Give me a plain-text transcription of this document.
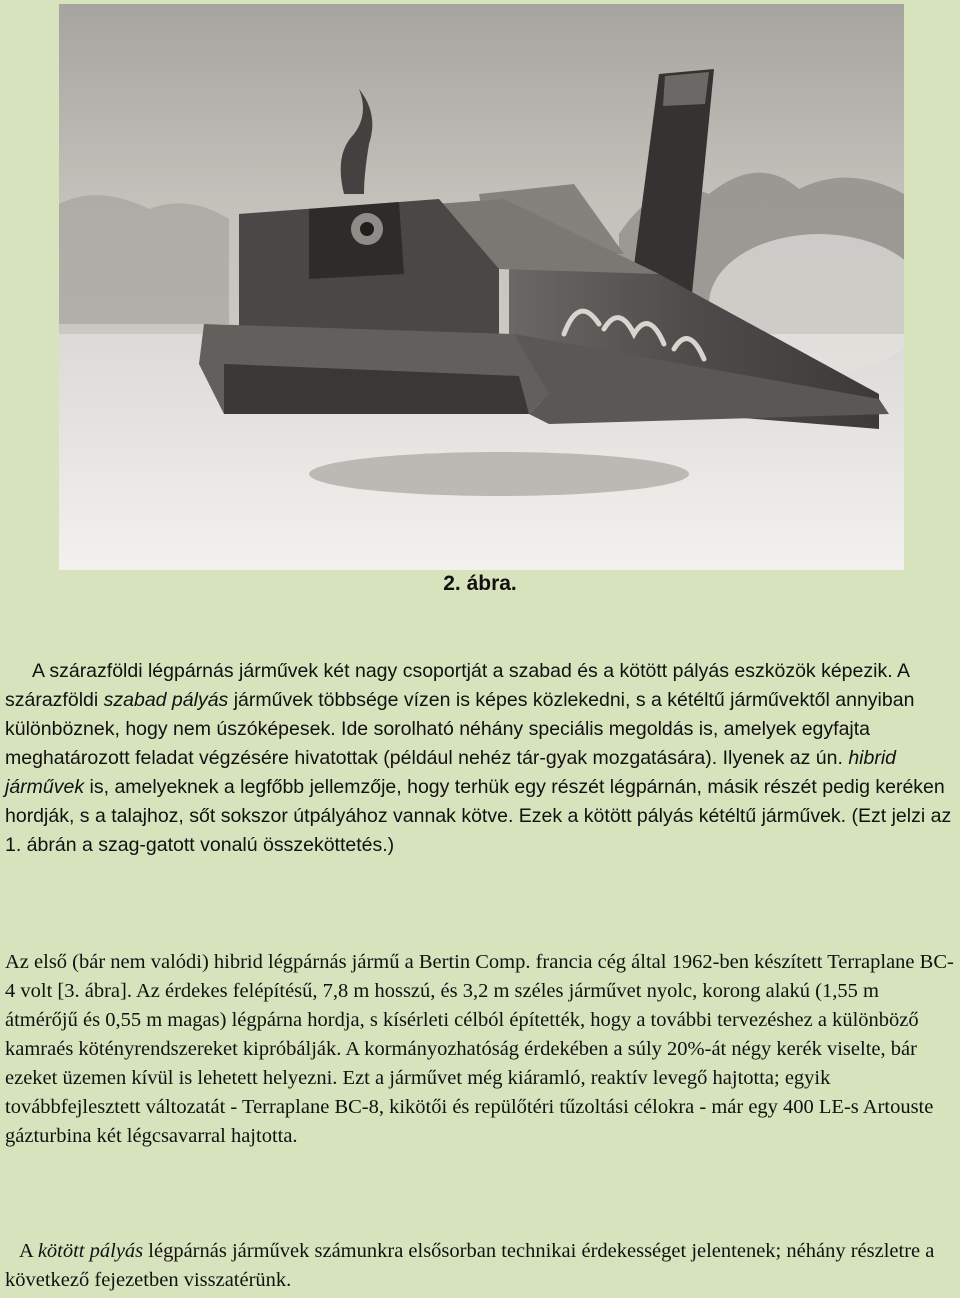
2. ábra.

A szárazföldi légpárnás járművek két nagy csoportját a szabad és a kötött pályás eszközök képezik. A szárazföldi szabad pályás járművek többsége vízen is képes közlekedni, s a kétéltű járművektől annyiban különböznek, hogy nem úszóképesek. Ide sorolható néhány speciális megoldás is, amelyek egyfajta meghatározott feladat végzésére hivatottak (például nehéz tár-gyak mozgatására). Ilyenek az ún. hibrid járművek is, amelyeknek a legfőbb jellemzője, hogy terhük egy részét légpárnán, másik részét pedig keréken hordják, s a talajhoz, sőt sokszor útpályához vannak kötve. Ezek a kötött pályás kétéltű járművek. (Ezt jelzi az 1. ábrán a szag-gatott vonalú összeköttetés.)

Az első (bár nem valódi) hibrid légpárnás jármű a Bertin Comp. francia cég által 1962-ben készített Terraplane BC-4 volt [3. ábra]. Az érdekes felépítésű, 7,8 m hosszú, és 3,2 m széles járművet nyolc, korong alakú (1,55 m átmérőjű és 0,55 m magas) légpárna hordja, s kísérleti célból építették, hogy a további tervezéshez a különböző kamraés kötényrendszereket kipróbálják. A kormányozhatóság érdekében a súly 20%-át négy kerék viselte, bár ezeket üzemen kívül is lehetett helyezni. Ezt a járművet még kiáramló, reaktív levegő hajtotta; egyik továbbfejlesztett változatát - Terraplane BC-8, kikötői és repülőtéri tűzoltási célokra - már egy 400 LE-s Artouste gázturbina két légcsavarral hajtotta.

A kötött pályás légpárnás járművek számunkra elsősorban technikai érdekességet jelentenek; néhány részletre a következő fejezetben visszatérünk.
